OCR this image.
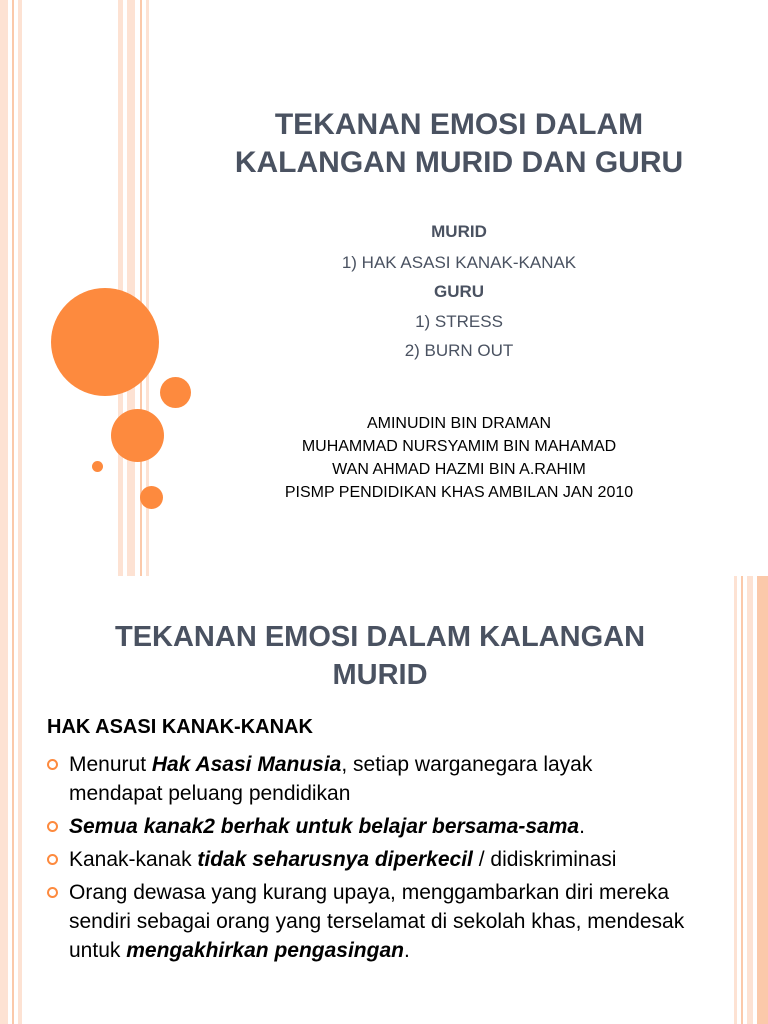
TEKANAN EMOSI DALAM
KALANGAN MURID DAN GURU
MURID
1) HAK ASASI KANAK-KANAK
GURU
1) STRESS
2) BURN OUT
AMINUDIN BIN DRAMAN
MUHAMMAD NURSYAMIM BIN MAHAMAD
WAN AHMAD HAZMI BIN A.RAHIM
PISMP PENDIDIKAN KHAS AMBILAN JAN 2010
TEKANAN EMOSI DALAM KALANGAN
MURID
HAK ASASI KANAK-KANAK
Menurut Hak Asasi Manusia, setiap warganegara layak mendapat peluang pendidikan
Semua kanak2 berhak untuk belajar bersama-sama.
Kanak-kanak tidak seharusnya diperkecil / didiskriminasi
Orang dewasa yang kurang upaya, menggambarkan diri mereka sendiri sebagai orang yang terselamat di sekolah khas, mendesak untuk mengakhirkan pengasingan.
